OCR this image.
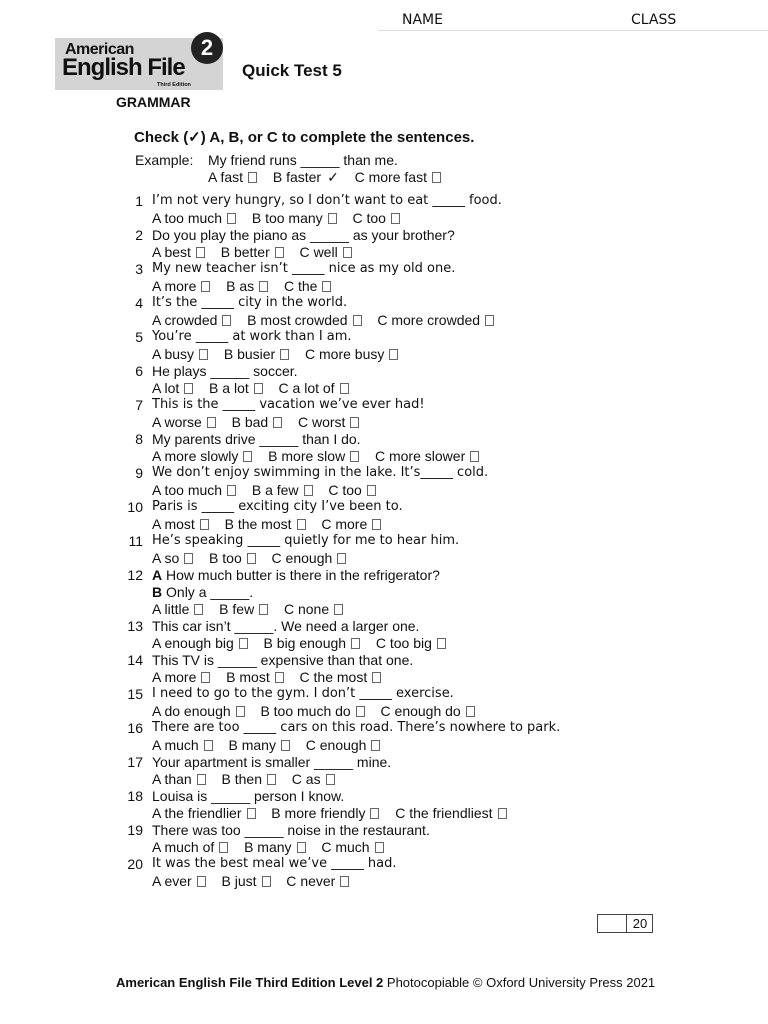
NAME	CLASS
American
English File
Third Edition
2
Quick Test 5
GRAMMAR
Check (✓) A, B, or C to complete the sentences.
Example: My friend runs _____ than me.
A fast B faster ✓ C more fast
1 I’m not very hungry, so I don’t want to eat _____ food.
A too much B too many C too
2 Do you play the piano as _____ as your brother?
A best B better C well
3 My new teacher isn’t _____ nice as my old one.
A more B as C the
4 It’s the _____ city in the world.
A crowded B most crowded C more crowded
5 You’re _____ at work than I am.
A busy B busier C more busy
6 He plays _____ soccer.
A lot B a lot C a lot of
7 This is the _____ vacation we’ve ever had!
A worse B bad C worst
8 My parents drive _____ than I do.
A more slowly B more slow C more slower
9 We don’t enjoy swimming in the lake. It’s_____ cold.
A too much B a few C too
10 Paris is _____ exciting city I’ve been to.
A most B the most C more
11 He’s speaking _____ quietly for me to hear him.
A so B too C enough
12 A How much butter is there in the refrigerator?
B Only a _____.
A little B few C none
13 This car isn’t _____. We need a larger one.
A enough big B big enough C too big
14 This TV is _____ expensive than that one.
A more B most C the most
15 I need to go to the gym. I don’t _____ exercise.
A do enough B too much do C enough do
16 There are too _____ cars on this road. There’s nowhere to park.
A much B many C enough
17 Your apartment is smaller _____ mine.
A than B then C as
18 Louisa is _____ person I know.
A the friendlier B more friendly C the friendliest
19 There was too _____ noise in the restaurant.
A much of B many C much
20 It was the best meal we’ve _____ had.
A ever B just C never
20
American English File Third Edition Level 2 Photocopiable © Oxford University Press 2021
